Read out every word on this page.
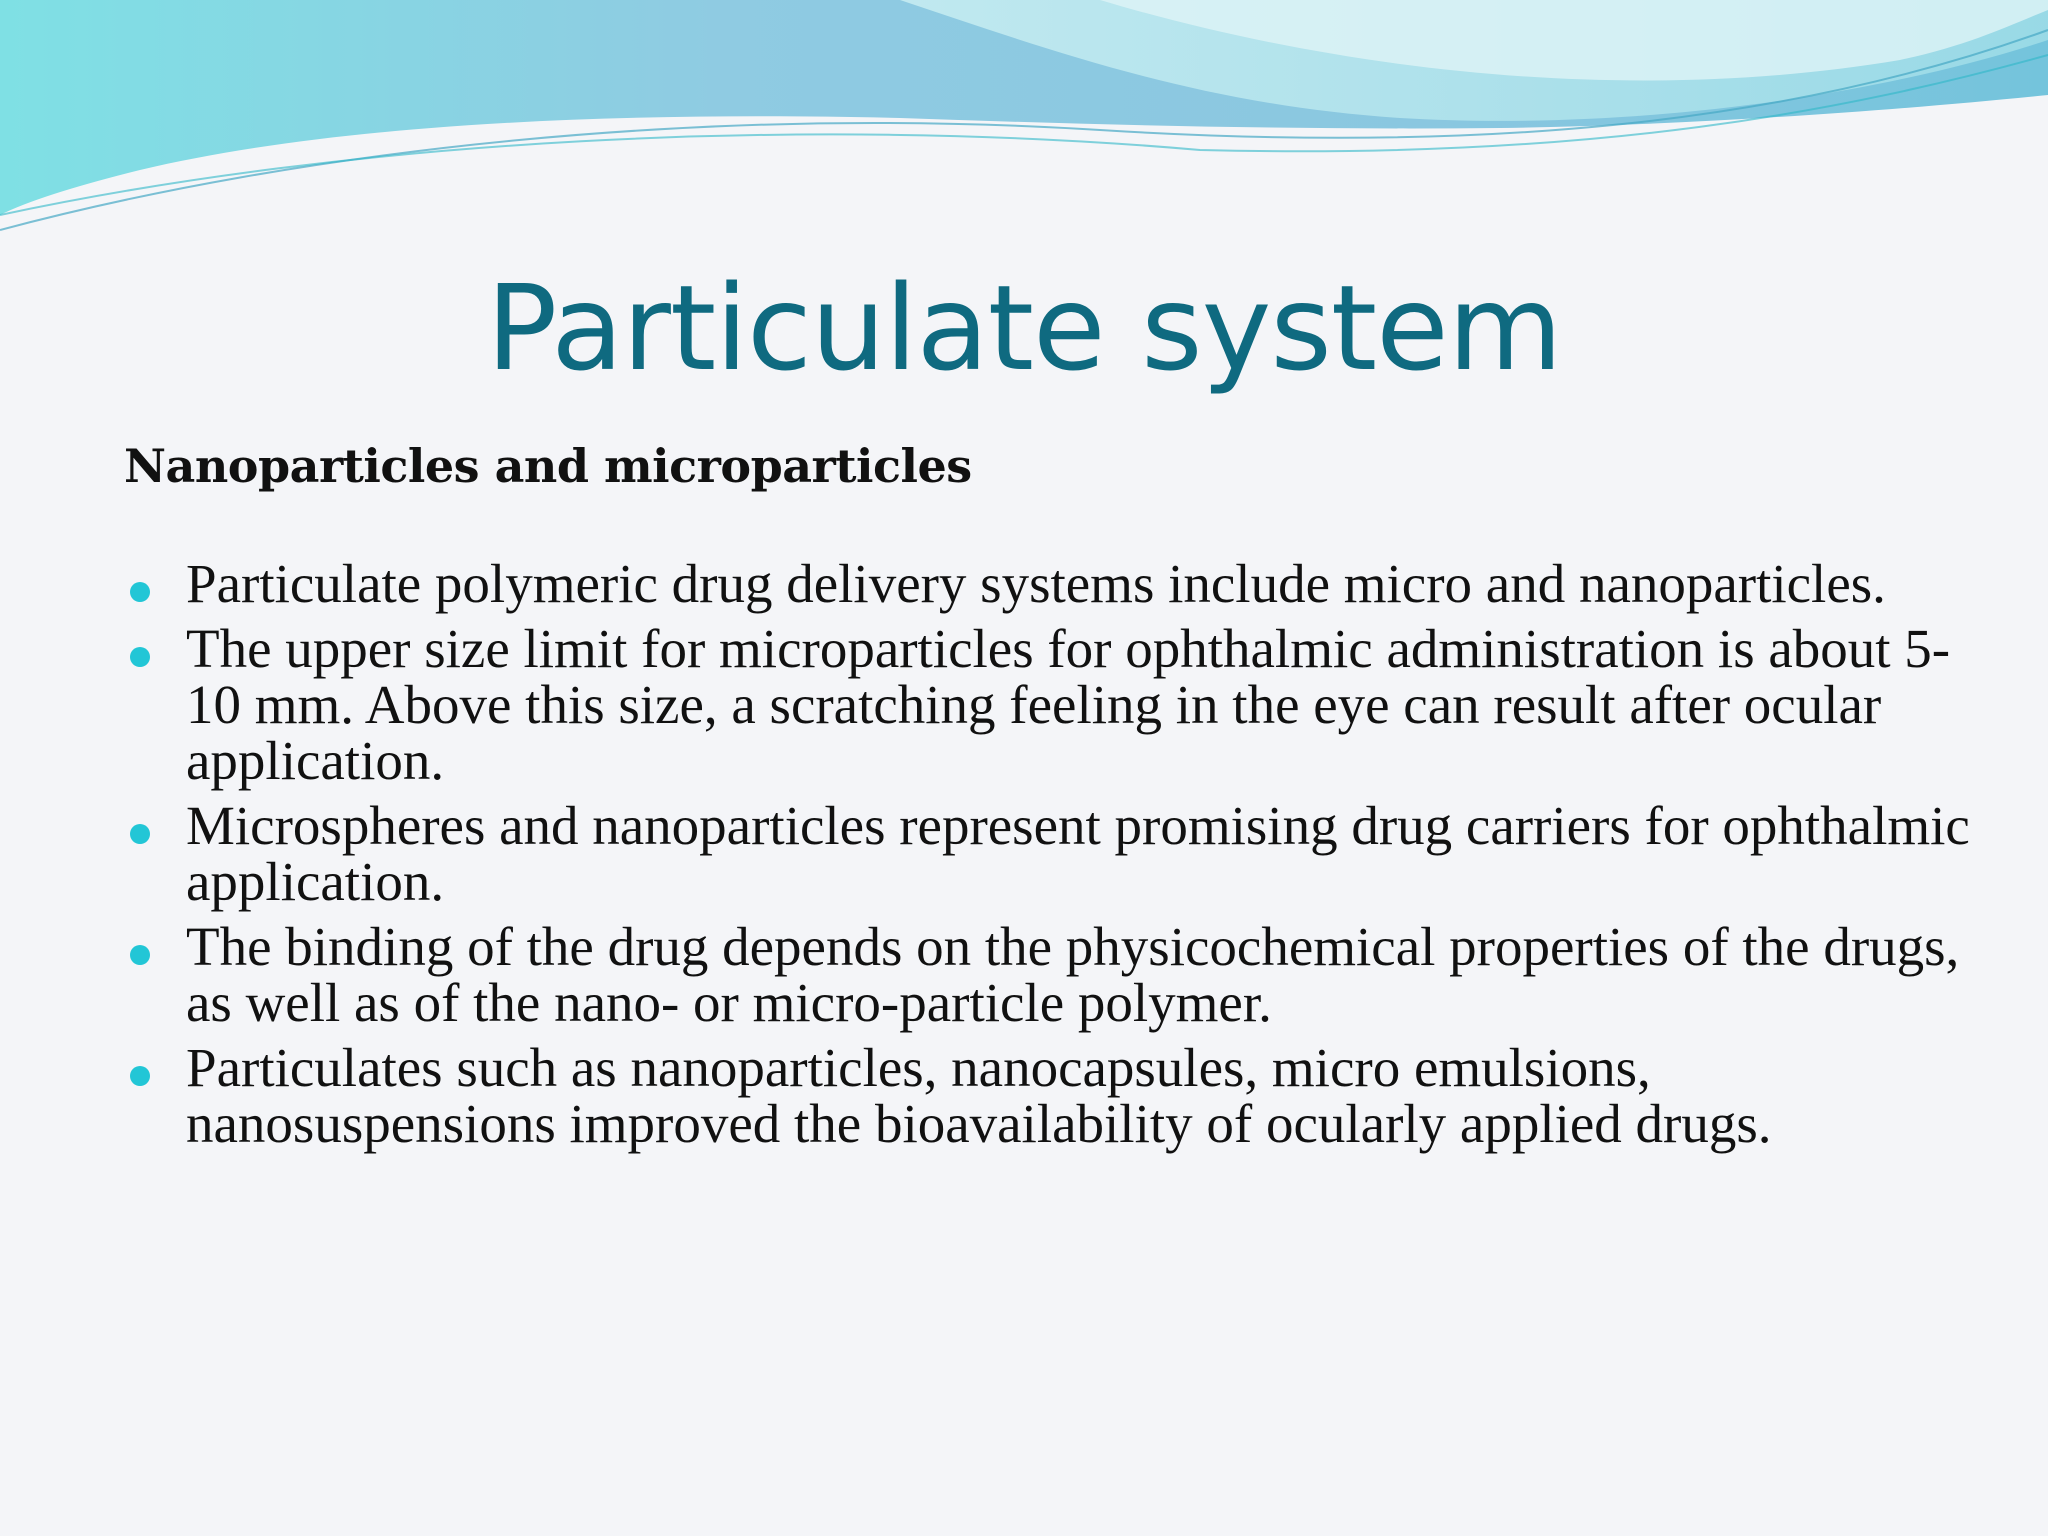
Particulate system
Nanoparticles and microparticles
Particulate polymeric drug delivery systems include micro and nanoparticles.
The upper size limit for microparticles for ophthalmic administration is about 5-10 mm. Above this size, a scratching feeling in the eye can result after ocular application.
Microspheres and nanoparticles represent promising drug carriers for ophthalmic application.
The binding of the drug depends on the physicochemical properties of the drugs, as well as of the nano- or micro-particle polymer.
Particulates such as nanoparticles, nanocapsules, micro emulsions, nanosuspensions improved the bioavailability of ocularly applied drugs.
